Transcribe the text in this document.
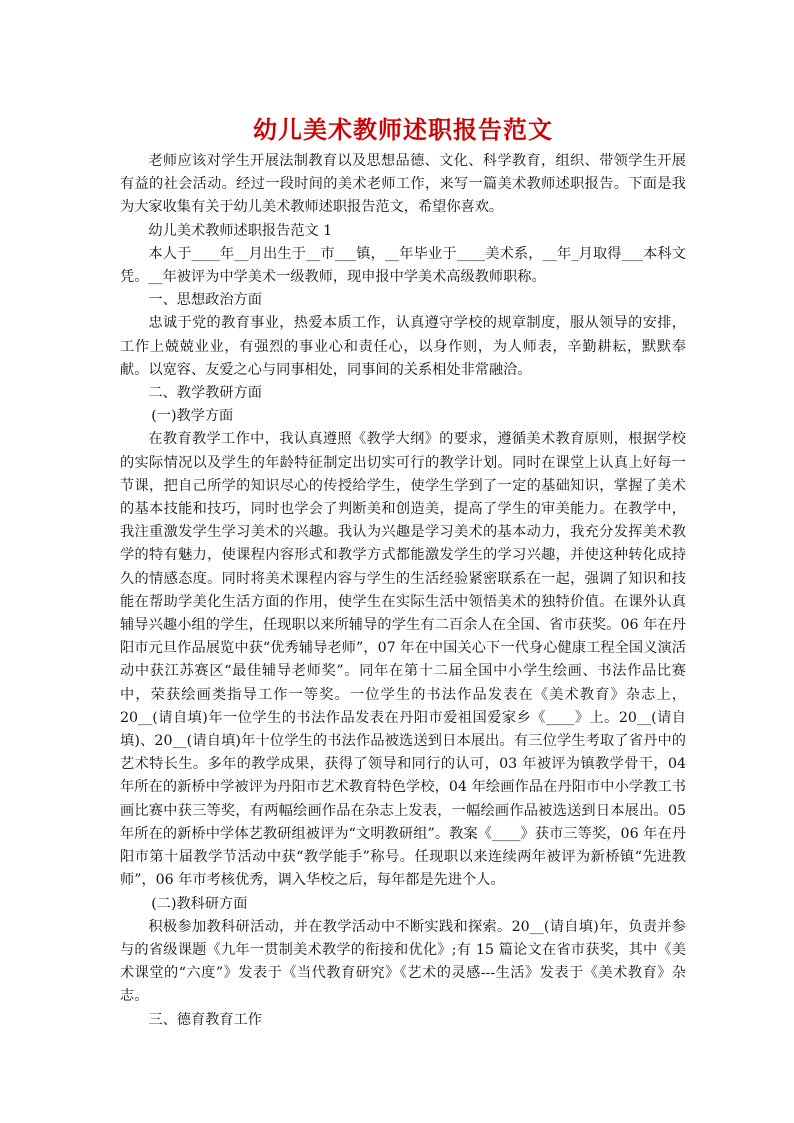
幼儿美术教师述职报告范文

老师应该对学生开展法制教育以及思想品德、文化、科学教育，组织、带领学生开展有益的社会活动。经过一段时间的美术老师工作，来写一篇美术教师述职报告。下面是我为大家收集有关于幼儿美术教师述职报告范文，希望你喜欢。

幼儿美术教师述职报告范文 1

本人于____年__月出生于__市___镇，__年毕业于____美术系，__年_月取得___本科文凭。__年被评为中学美术一级教师，现申报中学美术高级教师职称。

一、思想政治方面

忠诚于党的教育事业，热爱本质工作，认真遵守学校的规章制度，服从领导的安排，工作上兢兢业业，有强烈的事业心和责任心，以身作则，为人师表，辛勤耕耘，默默奉献。以宽容、友爱之心与同事相处，同事间的关系相处非常融洽。

二、教学教研方面

(一)教学方面

在教育教学工作中，我认真遵照《教学大纲》的要求，遵循美术教育原则，根据学校的实际情况以及学生的年龄特征制定出切实可行的教学计划。同时在课堂上认真上好每一节课，把自己所学的知识尽心的传授给学生，使学生学到了一定的基础知识，掌握了美术的基本技能和技巧，同时也学会了判断美和创造美，提高了学生的审美能力。在教学中，我注重激发学生学习美术的兴趣。我认为兴趣是学习美术的基本动力，我充分发挥美术教学的特有魅力，使课程内容形式和教学方式都能激发学生的学习兴趣，并使这种转化成持久的情感态度。同时将美术课程内容与学生的生活经验紧密联系在一起，强调了知识和技能在帮助学美化生活方面的作用，使学生在实际生活中领悟美术的独特价值。在课外认真辅导兴趣小组的学生，任现职以来所辅导的学生有二百余人在全国、省市获奖。06 年在丹阳市元旦作品展览中获“优秀辅导老师”，07 年在中国关心下一代身心健康工程全国义演活动中获江苏赛区“最佳辅导老师奖”。同年在第十二届全国中小学生绘画、书法作品比赛中，荣获绘画类指导工作一等奖。一位学生的书法作品发表在《美术教育》杂志上，20__(请自填)年一位学生的书法作品发表在丹阳市爱祖国爱家乡《____》上。20__(请自填)、20__(请自填)年十位学生的书法作品被选送到日本展出。有三位学生考取了省丹中的艺术特长生。多年的教学成果，获得了领导和同行的认可，03 年被评为镇教学骨干，04 年所在的新桥中学被评为丹阳市艺术教育特色学校，04 年绘画作品在丹阳市中小学教工书画比赛中获三等奖，有两幅绘画作品在杂志上发表，一幅绘画作品被选送到日本展出。05 年所在的新桥中学体艺教研组被评为“文明教研组”。教案《____》获市三等奖，06 年在丹阳市第十届教学节活动中获“教学能手”称号。任现职以来连续两年被评为新桥镇“先进教师”，06 年市考核优秀，调入华校之后，每年都是先进个人。

(二)教科研方面

积极参加教科研活动，并在教学活动中不断实践和探索。20__(请自填)年，负责并参与的省级课题《九年一贯制美术教学的衔接和优化》;有 15 篇论文在省市获奖，其中《美术课堂的“六度”》发表于《当代教育研究》《艺术的灵感---生活》发表于《美术教育》杂志。

三、德育教育工作
